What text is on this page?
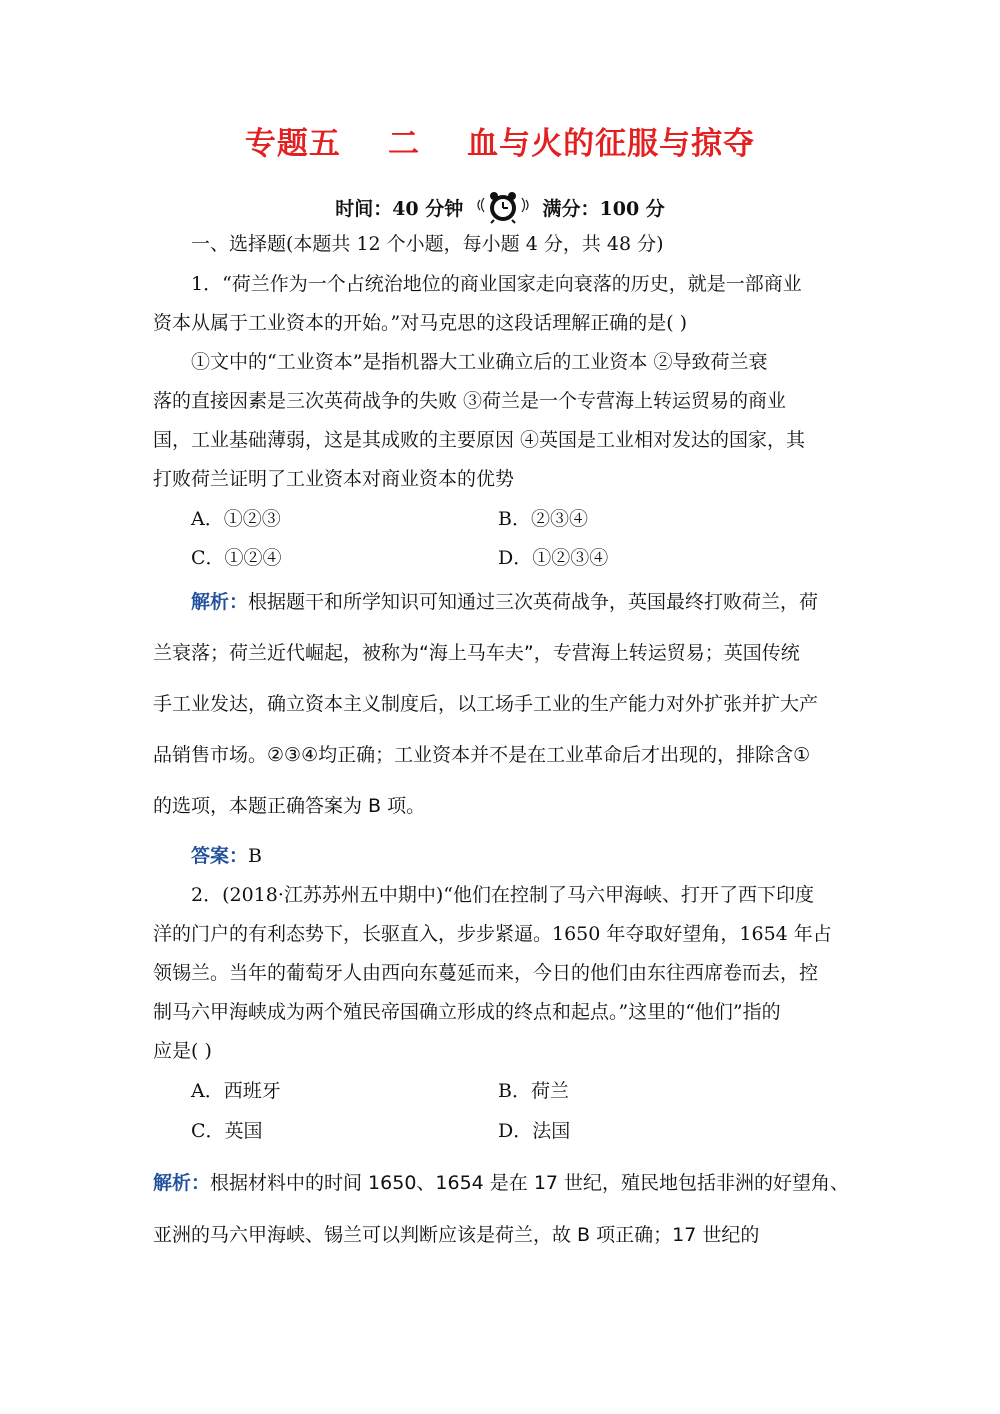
专题五    二    血与火的征服与掠夺
时间：40 分钟	满分：100 分
一、选择题(本题共 12 个小题，每小题 4 分，共 48 分)
1．“荷兰作为一个占统治地位的商业国家走向衰落的历史，就是一部商业
资本从属于工业资本的开始。”对马克思的这段话理解正确的是( )
①文中的“工业资本”是指机器大工业确立后的工业资本 ②导致荷兰衰
落的直接因素是三次英荷战争的失败 ③荷兰是一个专营海上转运贸易的商业
国，工业基础薄弱，这是其成败的主要原因 ④英国是工业相对发达的国家，其
打败荷兰证明了工业资本对商业资本的优势
A．①②③	B．②③④
C．①②④	D．①②③④
解析：根据题干和所学知识可知通过三次英荷战争，英国最终打败荷兰，荷
兰衰落；荷兰近代崛起，被称为“海上马车夫”，专营海上转运贸易；英国传统
手工业发达，确立资本主义制度后，以工场手工业的生产能力对外扩张并扩大产
品销售市场。②③④均正确；工业资本并不是在工业革命后才出现的，排除含①
的选项，本题正确答案为 B 项。
答案：B
2．(2018·江苏苏州五中期中)“他们在控制了马六甲海峡、打开了西下印度
洋的门户的有利态势下，长驱直入，步步紧逼。1650 年夺取好望角，1654 年占
领锡兰。当年的葡萄牙人由西向东蔓延而来，今日的他们由东往西席卷而去，控
制马六甲海峡成为两个殖民帝国确立形成的终点和起点。”这里的“他们”指的
应是( )
A．西班牙	B．荷兰
C．英国	D．法国
解析：根据材料中的时间 1650、1654 是在 17 世纪，殖民地包括非洲的好望角、
亚洲的马六甲海峡、锡兰可以判断应该是荷兰，故 B 项正确；17 世纪的
